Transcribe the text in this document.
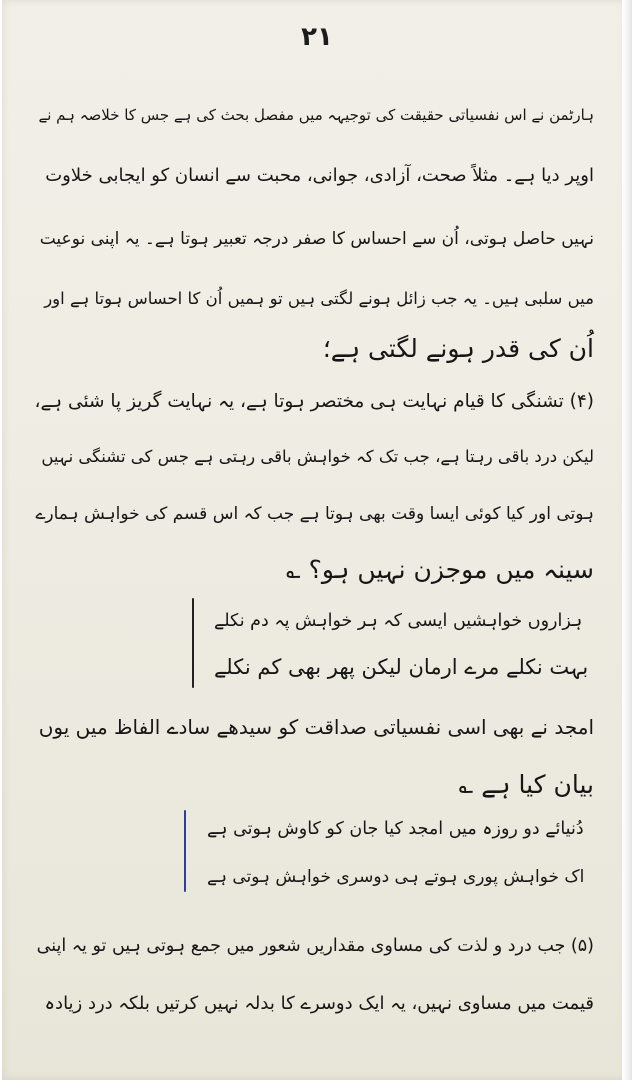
۲۱
ہارٹمن نے اس نفسیاتی حقیقت کی توجیہہ میں مفصل بحث کی ہے جس کا خلاصہ ہم نے
اوپر دیا ہے۔ مثلاً صحت، آزادی، جوانی، محبت سے انسان کو ایجابی خلاوت
نہیں حاصل ہوتی، اُن سے احساس کا صفر درجہ تعبیر ہوتا ہے۔ یہ اپنی نوعیت
میں سلبی ہیں۔ یہ جب زائل ہونے لگتی ہیں تو ہمیں اُن کا احساس ہوتا ہے اور
اُن کی قدر ہونے لگتی ہے؛
(۴) تشنگی کا قیام نہایت ہی مختصر ہوتا ہے، یہ نہایت گریز پا شئی ہے،
لیکن درد باقی رہتا ہے، جب تک کہ خواہش باقی رہتی ہے جس کی تشنگی نہیں
ہوتی اور کیا کوئی ایسا وقت بھی ہوتا ہے جب کہ اس قسم کی خواہش ہمارے
سینہ میں موجزن نہیں ہو؟ ؎
ہزاروں خواہشیں ایسی کہ ہر خواہش پہ دم نکلے
بہت نکلے مرے ارمان لیکن پھر بھی کم نکلے
امجد نے بھی اسی نفسیاتی صداقت کو سیدھے سادے الفاظ میں یوں
بیان کیا ہے ؎
دُنیائے دو روزہ میں امجد کیا جان کو کاوش ہوتی ہے
اک خواہش پوری ہوتے ہی دوسری خواہش ہوتی ہے
(۵) جب درد و لذت کی مساوی مقداریں شعور میں جمع ہوتی ہیں تو یہ اپنی
قیمت میں مساوی نہیں، یہ ایک دوسرے کا بدلہ نہیں کرتیں بلکہ درد زیادہ
